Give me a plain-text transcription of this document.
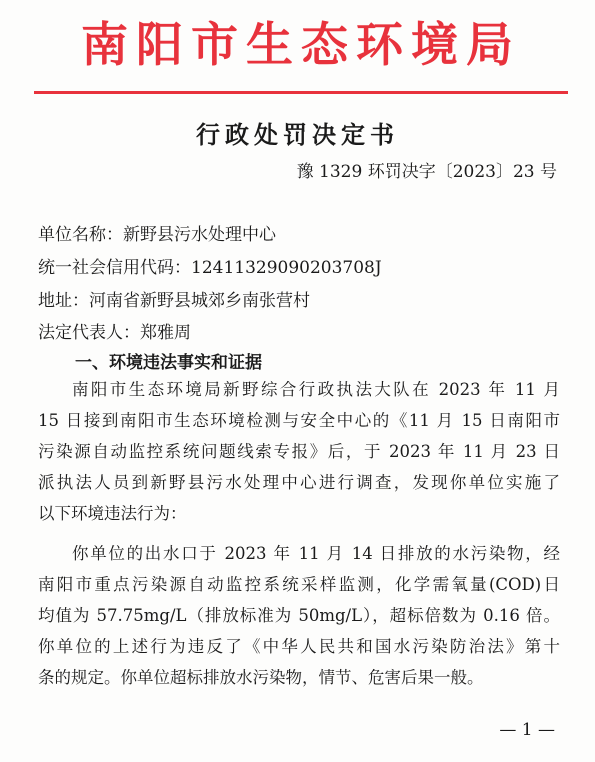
南阳市生态环境局
行政处罚决定书
豫 1329 环罚决字〔2023〕23 号
单位名称：新野县污水处理中心
统一社会信用代码：12411329090203708J
地址：河南省新野县城郊乡南张营村
法定代表人：郑雅周
一、环境违法事实和证据
南阳市生态环境局新野综合行政执法大队在 2023 年 11 月
15 日接到南阳市生态环境检测与安全中心的《11 月 15 日南阳市
污染源自动监控系统问题线索专报》后，于 2023 年 11 月 23 日
派执法人员到新野县污水处理中心进行调查，发现你单位实施了
以下环境违法行为：
你单位的出水口于 2023 年 11 月 14 日排放的水污染物，经
南阳市重点污染源自动监控系统采样监测，化学需氧量(COD)日
均值为 57.75mg/L（排放标准为 50mg/L），超标倍数为 0.16 倍。
你单位的上述行为违反了《中华人民共和国水污染防治法》第十
条的规定。你单位超标排放水污染物，情节、危害后果一般。
— 1 —
